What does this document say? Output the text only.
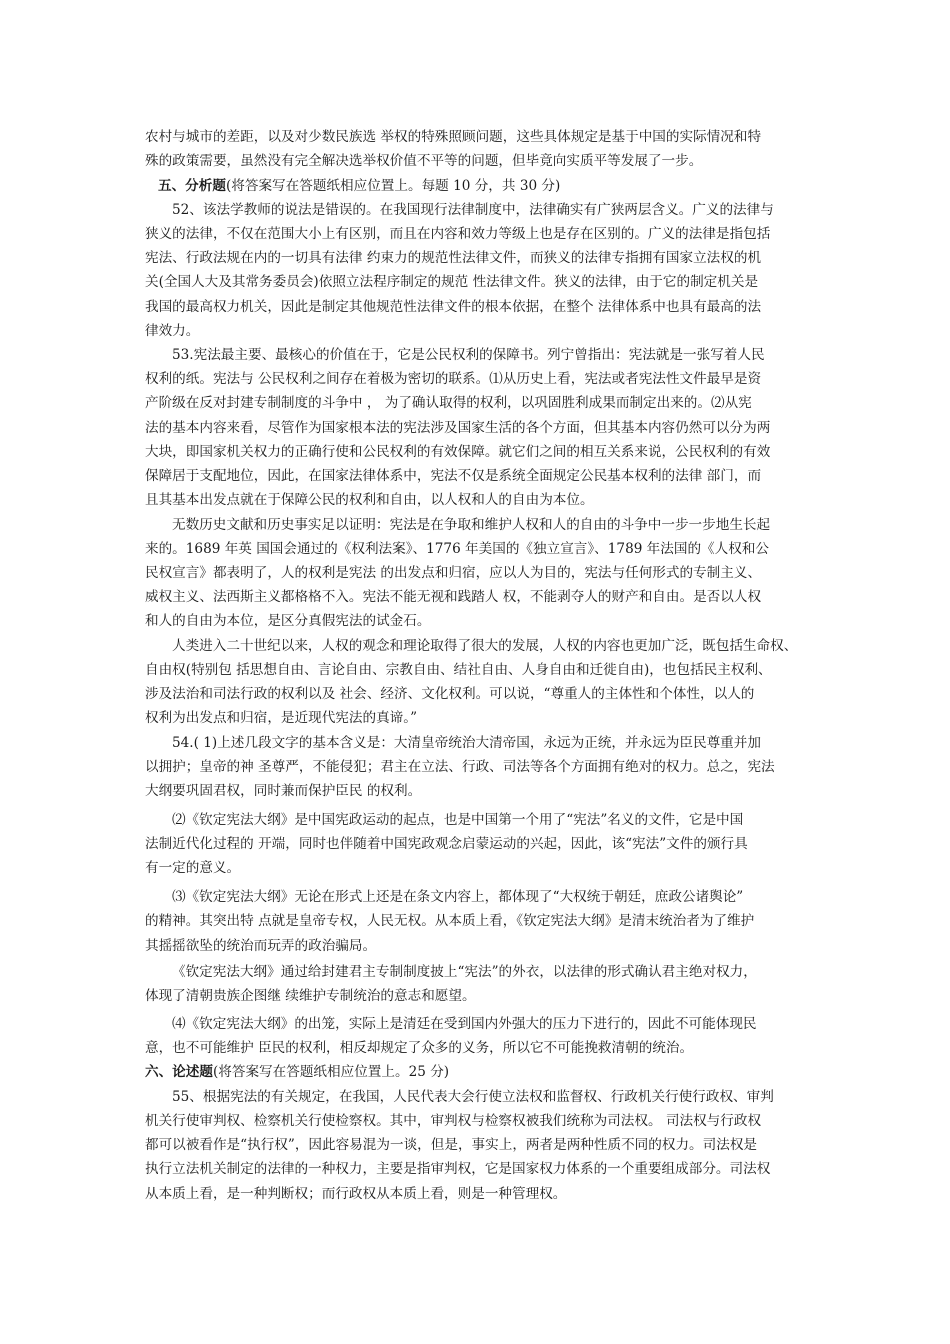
农村与城市的差距，以及对少数民族选 举权的特殊照顾问题，这些具体规定是基于中国的实际情况和特
殊的政策需要，虽然没有完全解决选举权价值不平等的问题，但毕竟向实质平等发展了一步。
五、分析题(将答案写在答题纸相应位置上。每题 10 分，共 30 分)
52、该法学教师的说法是错误的。在我国现行法律制度中，法律确实有广狭两层含义。广义的法律与
狭义的法律，不仅在范围大小上有区别，而且在内容和效力等级上也是存在区别的。广义的法律是指包括
宪法、行政法规在内的一切具有法律 约束力的规范性法律文件，而狭义的法律专指拥有国家立法权的机
关(全国人大及其常务委员会)依照立法程序制定的规范 性法律文件。狭义的法律，由于它的制定机关是
我国的最高权力机关，因此是制定其他规范性法律文件的根本依据，在整个 法律体系中也具有最高的法
律效力。
53.宪法最主要、最核心的价值在于，它是公民权利的保障书。列宁曾指出：宪法就是一张写着人民
权利的纸。宪法与 公民权利之间存在着极为密切的联系。⑴从历史上看，宪法或者宪法性文件最早是资
产阶级在反对封建专制制度的斗争中 ， 为了确认取得的权利，以巩固胜利成果而制定出来的。⑵从宪
法的基本内容来看，尽管作为国家根本法的宪法涉及国家生活的各个方面，但其基本内容仍然可以分为两
大块，即国家机关权力的正确行使和公民权利的有效保障。就它们之间的相互关系来说，公民权利的有效
保障居于支配地位，因此，在国家法律体系中，宪法不仅是系统全面规定公民基本权利的法律 部门，而
且其基本出发点就在于保障公民的权利和自由，以人权和人的自由为本位。
无数历史文献和历史事实足以证明：宪法是在争取和维护人权和人的自由的斗争中一步一步地生长起
来的。1689 年英 国国会通过的《权利法案》、1776 年美国的《独立宣言》、1789 年法国的《人权和公
民权宣言》都表明了，人的权利是宪法 的出发点和归宿，应以人为目的，宪法与任何形式的专制主义、
威权主义、法西斯主义都格格不入。宪法不能无视和践踏人 权，不能剥夺人的财产和自由。是否以人权
和人的自由为本位，是区分真假宪法的试金石。
人类进入二十世纪以来，人权的观念和理论取得了很大的发展，人权的内容也更加广泛，既包括生命权、
自由权(特别包 括思想自由、言论自由、宗教自由、结社自由、人身自由和迁徙自由)，也包括民主权利、
涉及法治和司法行政的权利以及 社会、经济、文化权利。可以说，“尊重人的主体性和个体性，以人的
权利为出发点和归宿，是近现代宪法的真谛。”
54.( 1)上述几段文字的基本含义是：大清皇帝统治大清帝国，永远为正统，并永远为臣民尊重并加
以拥护；皇帝的神 圣尊严，不能侵犯；君主在立法、行政、司法等各个方面拥有绝对的权力。总之，宪法
大纲要巩固君权，同时兼而保护臣民 的权利。
⑵《钦定宪法大纲》是中国宪政运动的起点，也是中国第一个用了“宪法”名义的文件，它是中国
法制近代化过程的 开端，同时也伴随着中国宪政观念启蒙运动的兴起，因此，该“宪法”文件的颁行具
有一定的意义。
⑶《钦定宪法大纲》无论在形式上还是在条文内容上，都体现了“大权统于朝廷，庶政公诸舆论”
的精神。其突出特 点就是皇帝专权，人民无权。从本质上看，《钦定宪法大纲》是清末统治者为了维护
其摇摇欲坠的统治而玩弄的政治骗局。
《钦定宪法大纲》通过给封建君主专制制度披上“宪法”的外衣，以法律的形式确认君主绝对权力，
体现了清朝贵族企图继 续维护专制统治的意志和愿望。
⑷《钦定宪法大纲》的出笼，实际上是清廷在受到国内外强大的压力下进行的，因此不可能体现民
意，也不可能维护 臣民的权利，相反却规定了众多的义务，所以它不可能挽救清朝的统治。
六、论述题(将答案写在答题纸相应位置上。25 分)
55、根据宪法的有关规定，在我国，人民代表大会行使立法权和监督权、行政机关行使行政权、审判
机关行使审判权、检察机关行使检察权。其中，审判权与检察权被我们统称为司法权。 司法权与行政权
都可以被看作是“执行权”，因此容易混为一谈，但是，事实上，两者是两种性质不同的权力。司法权是
执行立法机关制定的法律的一种权力，主要是指审判权，它是国家权力体系的一个重要组成部分。司法权
从本质上看，是一种判断权；而行政权从本质上看，则是一种管理权。
